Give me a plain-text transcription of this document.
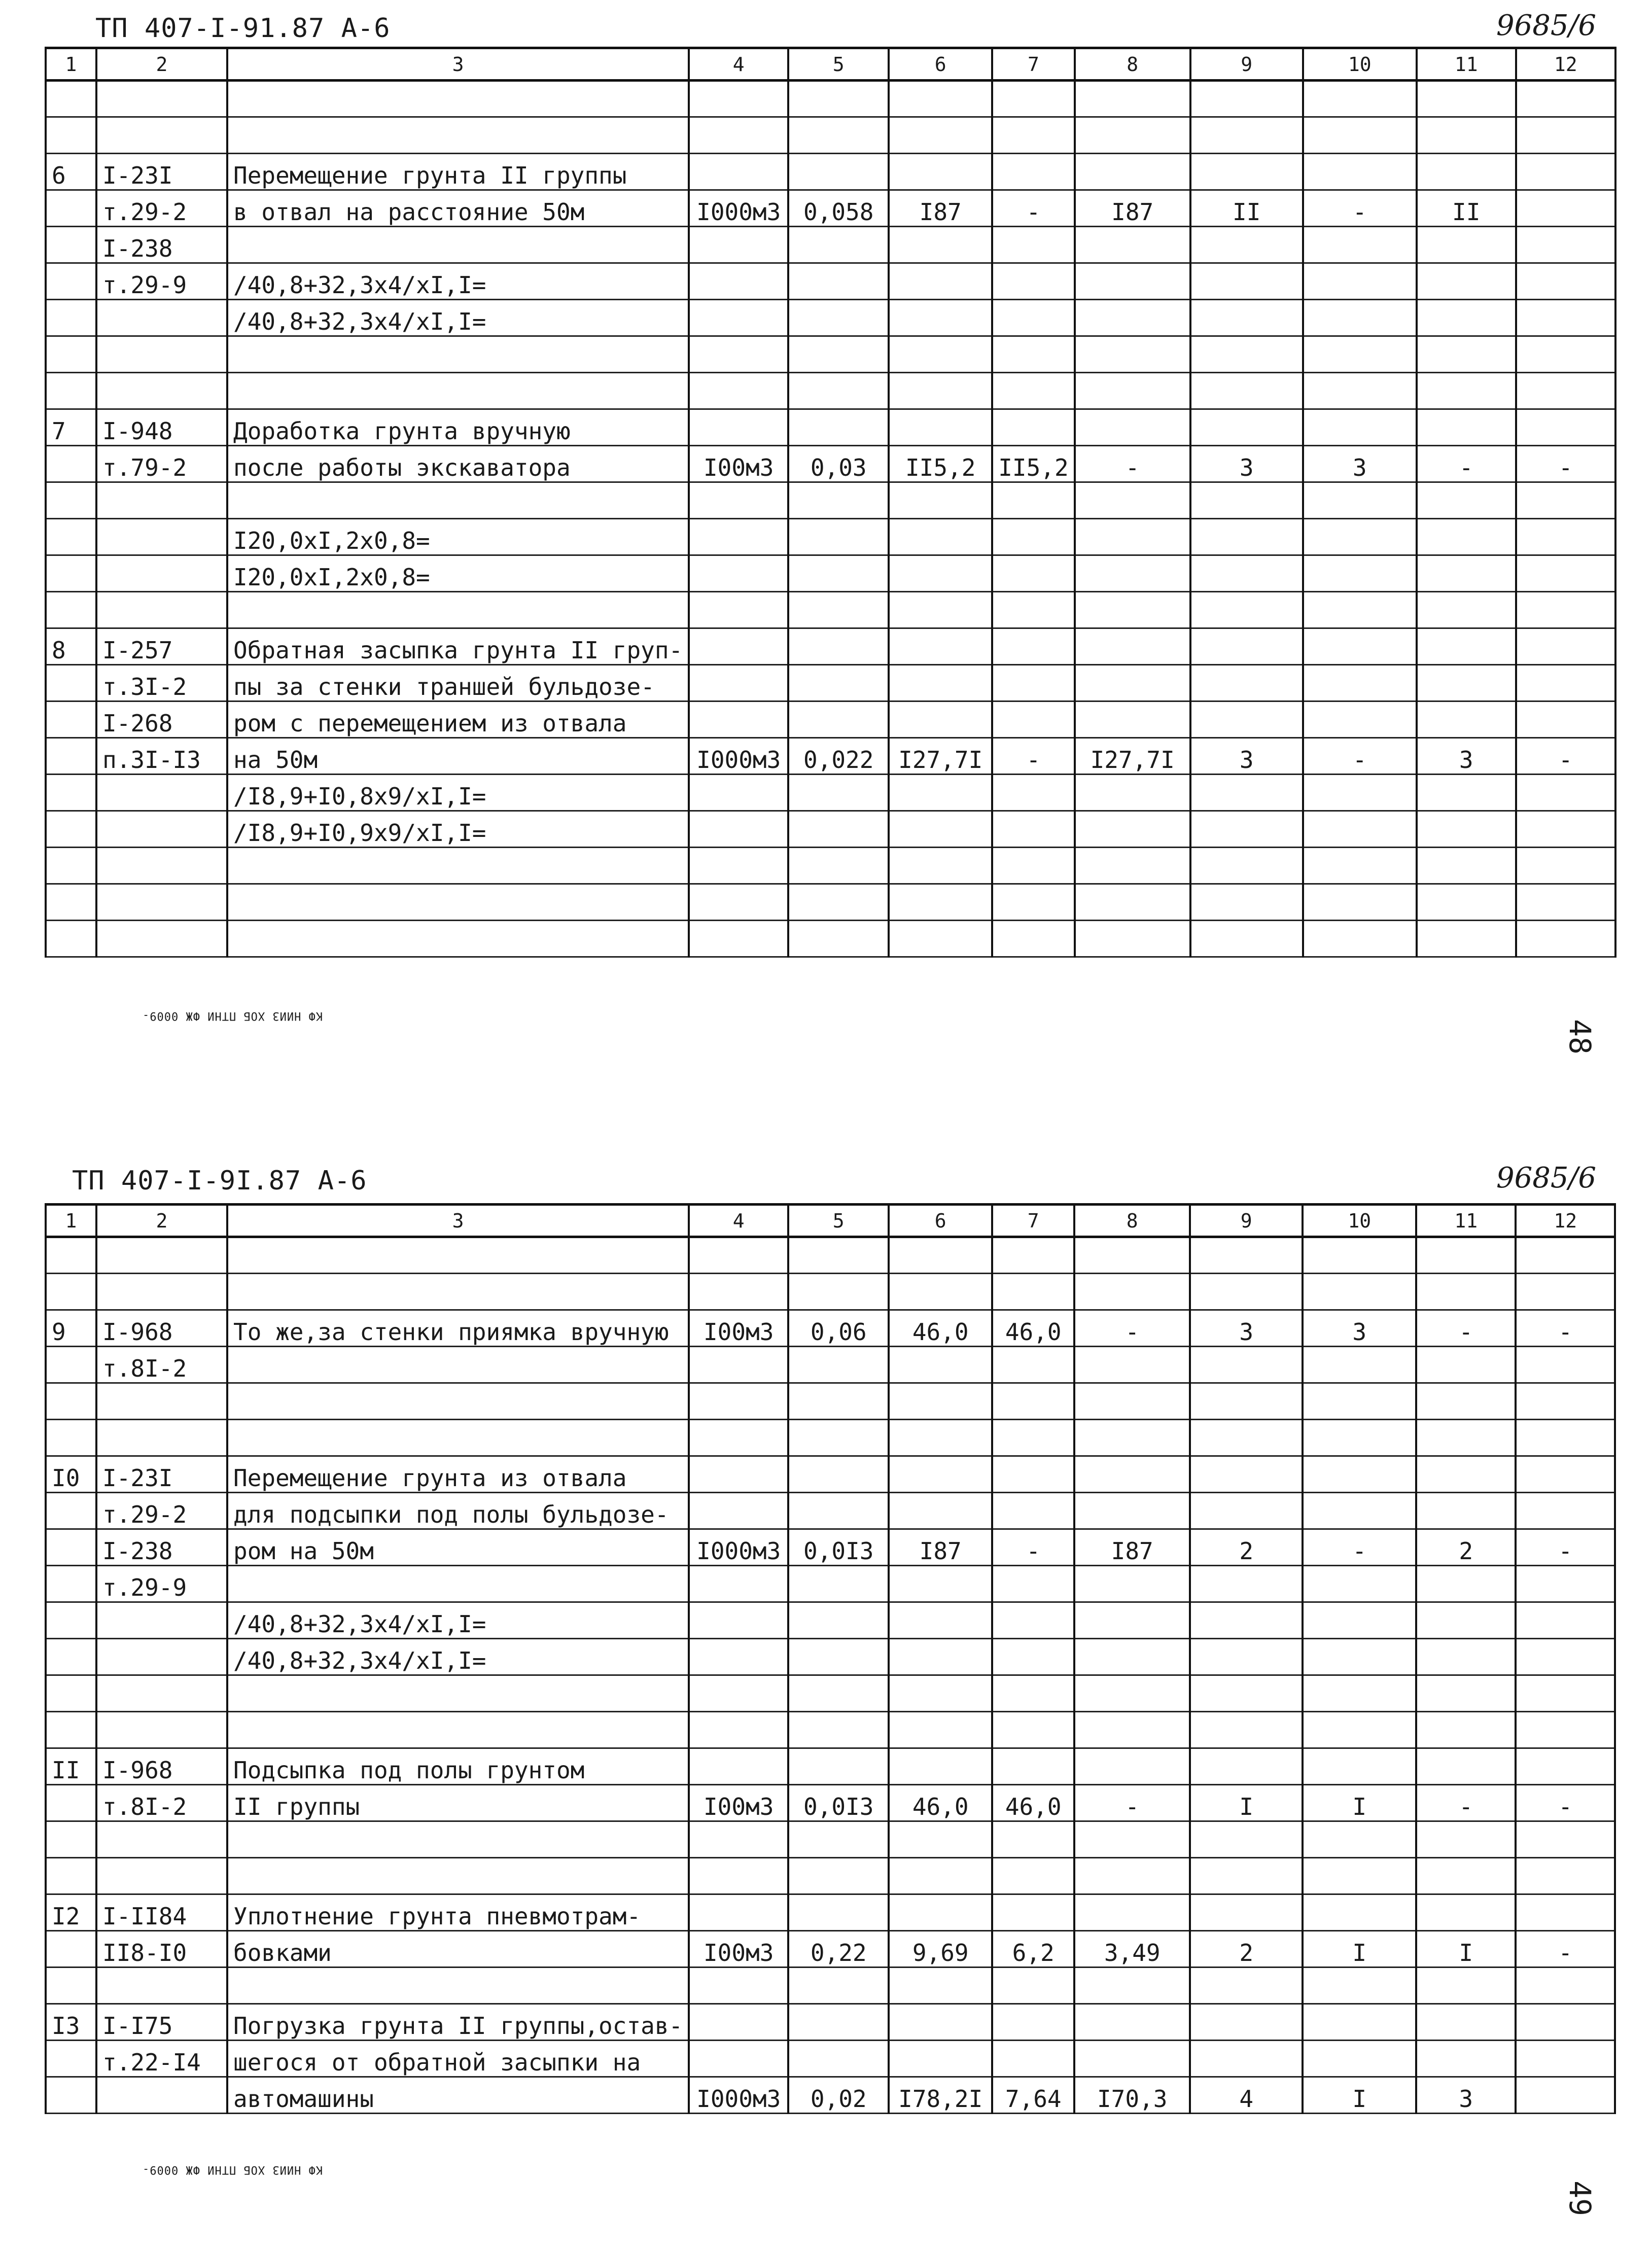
ТП 407-I-91.87 А-6	9685/6
1	2	3	4	5	6	7	8	9	10	11	12

6	I-23I	Перемещение грунта II группы									
	т.29-2	в отвал на расстояние 50м	I000м3	0,058	I87	-	I87	II	-	II	
	I-238										
	т.29-9	/40,8+32,3х4/хI,I=									
		/40,8+32,3х4/хI,I=									

7	I-948	Доработка грунта вручную									
	т.79-2	после работы экскаватора	I00м3	0,03	II5,2	II5,2	-	3	3	-	-

		I20,0хI,2х0,8=									
		I20,0хI,2х0,8=									

8	I-257	Обратная засыпка грунта II груп-									
	т.3I-2	пы за стенки траншей бульдозе-									
	I-268	ром с перемещением из отвала									
	п.3I-I3	на 50м	I000м3	0,022	I27,7I	-	I27,7I	3	-	3	-
		/I8,9+I0,8х9/хI,I=									
		/I8,9+I0,9х9/хI,I=									

КФ НИИЗ ХОБ ПТНИ ФЖ 0009-
48
ТП 407-I-9I.87 А-6	9685/6
1	2	3	4	5	6	7	8	9	10	11	12

9	I-968	То же,за стенки приямка вручную	I00м3	0,06	46,0	46,0	-	3	3	-	-
	т.8I-2										

I0	I-23I	Перемещение грунта из отвала									
	т.29-2	для подсыпки под полы бульдозе-									
	I-238	ром на 50м	I000м3	0,0I3	I87	-	I87	2	-	2	-
	т.29-9										
		/40,8+32,3х4/хI,I=									
		/40,8+32,3х4/хI,I=									

II	I-968	Подсыпка под полы грунтом									
	т.8I-2	II группы	I00м3	0,0I3	46,0	46,0	-	I	I	-	-

I2	I-II84	Уплотнение грунта пневмотрам-									
	II8-I0	бовками	I00м3	0,22	9,69	6,2	3,49	2	I	I	-

I3	I-I75	Погрузка грунта II группы,остав-									
	т.22-I4	шегося от обратной засыпки на									
		автомашины	I000м3	0,02	I78,2I	7,64	I70,3	4	I	3	
КФ НИИЗ ХОБ ПТНИ ФЖ 0009-
49
